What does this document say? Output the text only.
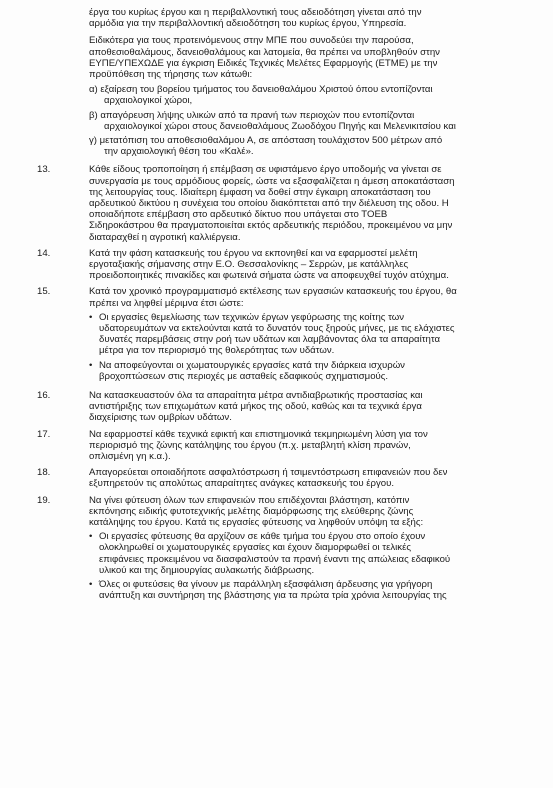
έργα του κυρίως έργου και η περιβαλλοντική τους αδειοδότηση γίνεται από την
αρμόδια για την περιβαλλοντική αδειοδότηση του κυρίως έργου, Υπηρεσία.
Ειδικότερα για τους προτεινόμενους στην ΜΠΕ που συνοδεύει την παρούσα,
αποθεσιοθαλάμους, δανειοθαλάμους και λατομεία, θα πρέπει να υποβληθούν στην
ΕΥΠΕ/ΥΠΕΧΩΔΕ για έγκριση Ειδικές Τεχνικές Μελέτες Εφαρμογής (ΕΤΜΕ) με την
προϋπόθεση της τήρησης των κάτωθι:
α) εξαίρεση του βορείου τμήματος του δανειοθαλάμου Χριστού όπου εντοπίζονται
αρχαιολογικοί χώροι,
β) απαγόρευση λήψης υλικών από τα πρανή των περιοχών που εντοπίζονται
αρχαιολογικοί χώροι στους δανειοθαλάμους Ζωοδόχου Πηγής και Μελενικιτσίου και
γ) μετατόπιση του αποθεσιοθαλάμου Α, σε απόσταση τουλάχιστον 500 μέτρων από
την αρχαιολογική θέση του «Καλέ».
13.	Κάθε είδους τροποποίηση ή επέμβαση σε υφιστάμενο έργο υποδομής να γίνεται σε
συνεργασία με τους αρμόδιους φορείς, ώστε να εξασφαλίζεται η άμεση αποκατάσταση
της λειτουργίας τους. Ιδιαίτερη έμφαση να δοθεί στην έγκαιρη αποκατάσταση του
αρδευτικού δικτύου η συνέχεια του οποίου διακόπτεται από την διέλευση της οδου. Η
οποιαδήποτε επέμβαση στο αρδευτικό δίκτυο που υπάγεται στο ΤΟΕΒ
Σιδηροκάστρου θα πραγματοποιείται εκτός αρδευτικής περιόδου, προκειμένου να μην
διαταραχθεί η αγροτική καλλιέργεια.
14.	Κατά την φάση κατασκευής του έργου να εκπονηθεί και να εφαρμοστεί μελέτη
εργοταξιακής σήμανσης στην Ε.Ο. Θεσσαλονίκης – Σερρών, με κατάλληλες
προειδοποιητικές πινακίδες και φωτεινά σήματα ώστε να αποφευχθεί τυχόν ατύχημα.
15.	Κατά τον χρονικό προγραμματισμό εκτέλεσης των εργασιών κατασκευής του έργου, θα
πρέπει να ληφθεί μέριμνα έτσι ώστε:
• Οι εργασίες θεμελίωσης των τεχνικών έργων γεφύρωσης της κοίτης των
υδατορευμάτων να εκτελούνται κατά το δυνατόν τους ξηρούς μήνες, με τις ελάχιστες
δυνατές παρεμβάσεις στην ροή των υδάτων και λαμβάνοντας όλα τα απαραίτητα
μέτρα για τον περιορισμό της θολερότητας των υδάτων.
• Να αποφεύγονται οι χωματουργικές εργασίες κατά την διάρκεια ισχυρών
βροχοπτώσεων στις περιοχές με ασταθείς εδαφικούς σχηματισμούς.
16.	Να κατασκευαστούν όλα τα απαραίτητα μέτρα αντιδιαβρωτικής προστασίας και
αντιστήριξης των επιχωμάτων κατά μήκος της οδού, καθώς και τα τεχνικά έργα
διαχείρισης των ομβρίων υδάτων.
17.	Να εφαρμοστεί κάθε τεχνικά εφικτή και επιστημονικά τεκμηριωμένη λύση για τον
περιορισμό της ζώνης κατάληψης του έργου (π.χ. μεταβλητή κλίση πρανών,
οπλισμένη γη κ.α.).
18.	Απαγορεύεται οποιαδήποτε ασφαλτόστρωση ή τσιμεντόστρωση επιφανειών που δεν
εξυπηρετούν τις απολύτως απαραίτητες ανάγκες κατασκευής του έργου.
19.	Να γίνει φύτευση όλων των επιφανειών που επιδέχονται βλάστηση, κατόπιν
εκπόνησης ειδικής φυτοτεχνικής μελέτης διαμόρφωσης της ελεύθερης ζώνης
κατάληψης του έργου. Κατά τις εργασίες φύτευσης να ληφθούν υπόψη τα εξής:
• Οι εργασίες φύτευσης θα αρχίζουν σε κάθε τμήμα του έργου στο οποίο έχουν
ολοκληρωθεί οι χωματουργικές εργασίες και έχουν διαμορφωθεί οι τελικές
επιφάνειες προκειμένου να διασφαλιστούν τα πρανή έναντι της απώλειας εδαφικού
υλικού και της δημιουργίας αυλακωτής διάβρωσης.
• Όλες οι φυτεύσεις θα γίνουν με παράλληλη εξασφάλιση άρδευσης για γρήγορη
ανάπτυξη και συντήρηση της βλάστησης για τα πρώτα τρία χρόνια λειτουργίας της
